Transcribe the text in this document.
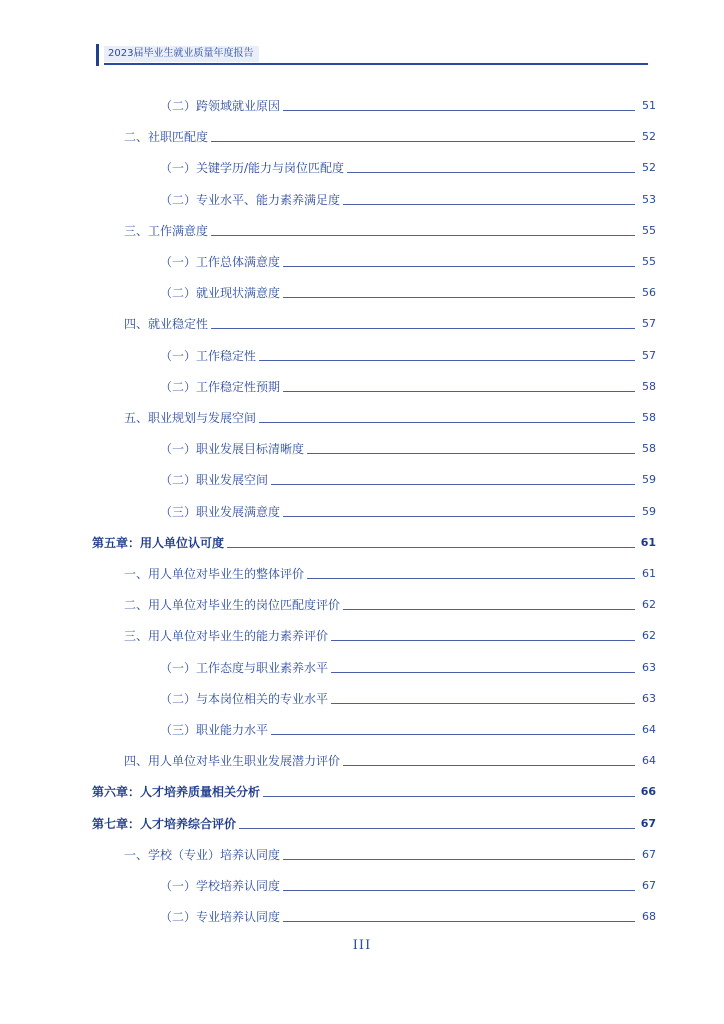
2023届毕业生就业质量年度报告
（二）跨领域就业原因	51
二、社职匹配度	52
（一）关键学历/能力与岗位匹配度	52
（二）专业水平、能力素养满足度	53
三、工作满意度	55
（一）工作总体满意度	55
（二）就业现状满意度	56
四、就业稳定性	57
（一）工作稳定性	57
（二）工作稳定性预期	58
五、职业规划与发展空间	58
（一）职业发展目标清晰度	58
（二）职业发展空间	59
（三）职业发展满意度	59
第五章：用人单位认可度	61
一、用人单位对毕业生的整体评价	61
二、用人单位对毕业生的岗位匹配度评价	62
三、用人单位对毕业生的能力素养评价	62
（一）工作态度与职业素养水平	63
（二）与本岗位相关的专业水平	63
（三）职业能力水平	64
四、用人单位对毕业生职业发展潜力评价	64
第六章：人才培养质量相关分析	66
第七章：人才培养综合评价	67
一、学校（专业）培养认同度	67
（一）学校培养认同度	67
（二）专业培养认同度	68
III
